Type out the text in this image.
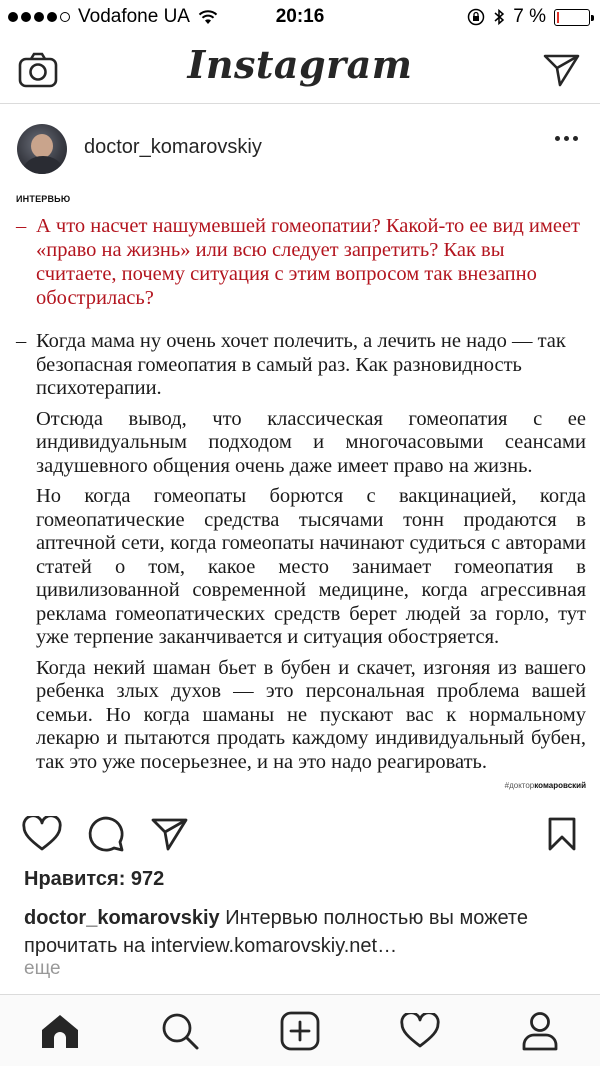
Vodafone UA	20:16	7 %
Instagram
doctor_komarovskiy
ИНТЕРВЬЮ
– А что насчет нашумевшей гомеопатии? Какой-то ее вид имеет «право на жизнь» или всю следует запретить? Как вы считаете, почему ситуация с этим вопросом так внезапно обострилась?
– Когда мама ну очень хочет полечить, а лечить не надо — так безопасная гомеопатия в самый раз. Как разновидность психотерапии.

Отсюда вывод, что классическая гомеопатия с ее индивидуальным подходом и многочасовыми сеансами задушевного общения очень даже имеет право на жизнь.

Но когда гомеопаты борются с вакцинацией, когда гомеопатические средства тысячами тонн продаются в аптечной сети, когда гомеопаты начинают судиться с авторами статей о том, какое место занимает гомеопатия в цивилизованной современной медицине, когда агрессивная реклама гомеопатических средств берет людей за горло, тут уже терпение заканчивается и ситуация обостряется.

Когда некий шаман бьет в бубен и скачет, изгоняя из вашего ребенка злых духов — это персональная проблема вашей семьи. Но когда шаманы не пускают вас к нормальному лекарю и пытаются продать каждому индивидуальный бубен, так это уже посерьезнее, и на это надо реагировать.

#докторкомаровский
Нравится: 972
doctor_komarovskiy Интервью полностью вы можете прочитать на interview.komarovskiy.net…
еще
